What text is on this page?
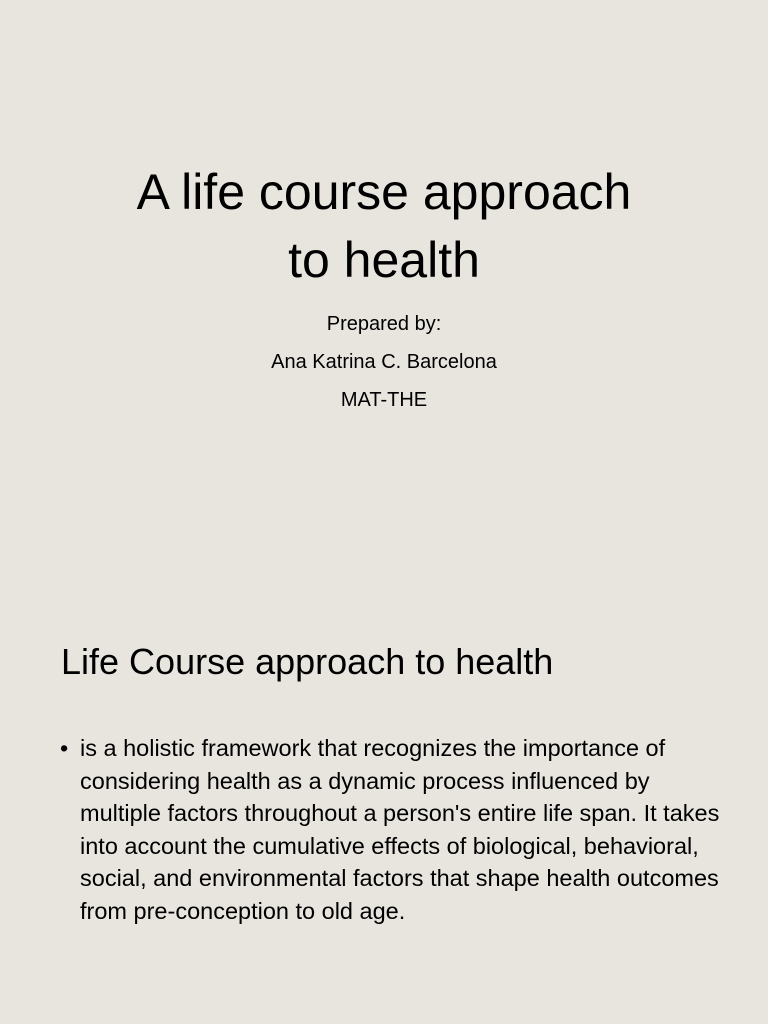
A life course approach
to health
Prepared by:
Ana Katrina C. Barcelona
MAT-THE
Life Course approach to health
• is a holistic framework that recognizes the importance of considering health as a dynamic process influenced by multiple factors throughout a person's entire life span. It takes into account the cumulative effects of biological, behavioral, social, and environmental factors that shape health outcomes from pre-conception to old age.
